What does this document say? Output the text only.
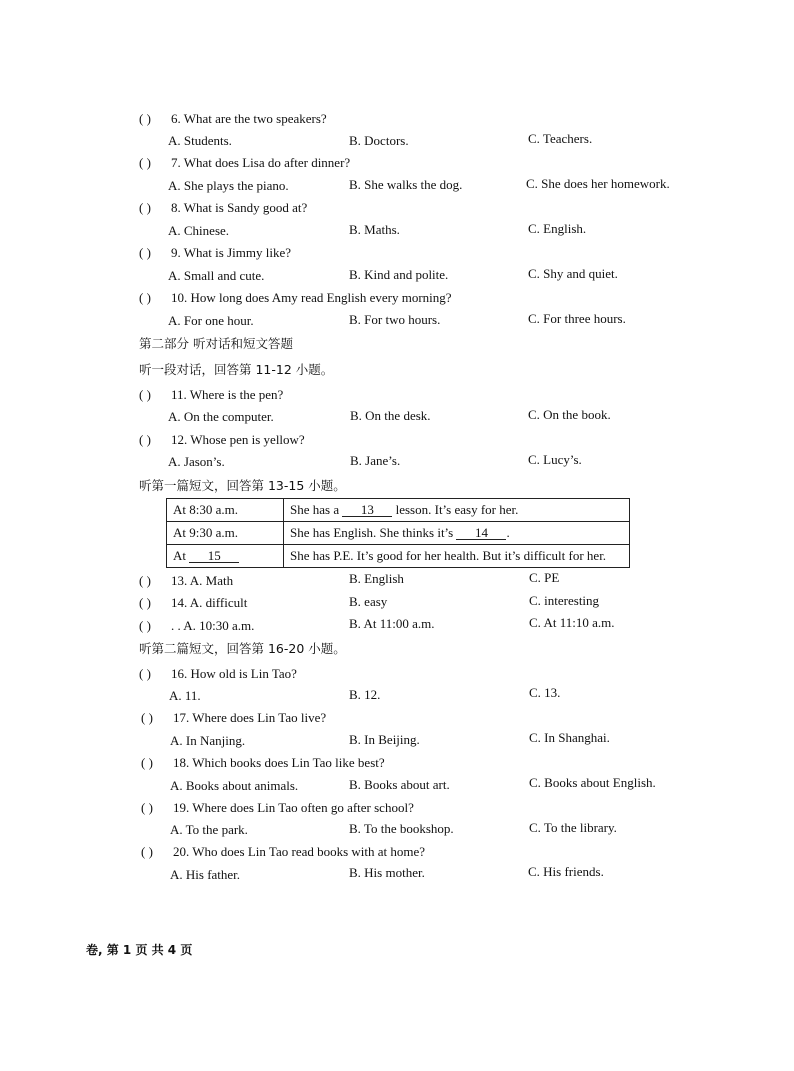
( ) 6. What are the two speakers?
A. Students.	B. Doctors.	C. Teachers.
( ) 7. What does Lisa do after dinner?
A. She plays the piano.	B. She walks the dog.	C. She does her homework.
( ) 8. What is Sandy good at?
A. Chinese.	B. Maths.	C. English.
( ) 9. What is Jimmy like?
A. Small and cute.	B. Kind and polite.	C. Shy and quiet.
( ) 10. How long does Amy read English every morning?
A. For one hour.	B. For two hours.	C. For three hours.
第二部分 听对话和短文答题
听一段对话，回答第 11-12 小题。
( ) 11. Where is the pen?
A. On the computer.	B. On the desk.	C. On the book.
( ) 12. Whose pen is yellow?
A. Jason’s.	B. Jane’s.	C. Lucy’s.
听第一篇短文，回答第 13-15 小题。
At 8:30 a.m.	She has a 13 lesson. It’s easy for her.
At 9:30 a.m.	She has English. She thinks it’s 14 .
At 15	She has P.E. It’s good for her health. But it’s difficult for her.
( ) 13. A. Math	B. English	C. PE
( ) 14. A. difficult	B. easy	C. interesting
( ) . . A. 10:30 a.m.	B. At 11:00 a.m.	C. At 11:10 a.m.
听第二篇短文，回答第 16-20 小题。
( ) 16. How old is Lin Tao?
A. 11.	B. 12.	C. 13.
( ) 17. Where does Lin Tao live?
A. In Nanjing.	B. In Beijing.	C. In Shanghai.
( ) 18. Which books does Lin Tao like best?
A. Books about animals.	B. Books about art.	C. Books about English.
( ) 19. Where does Lin Tao often go after school?
A. To the park.	B. To the bookshop.	C. To the library.
( ) 20. Who does Lin Tao read books with at home?
A. His father.	B. His mother.	C. His friends.
卷, 第 1 页 共 4 页
